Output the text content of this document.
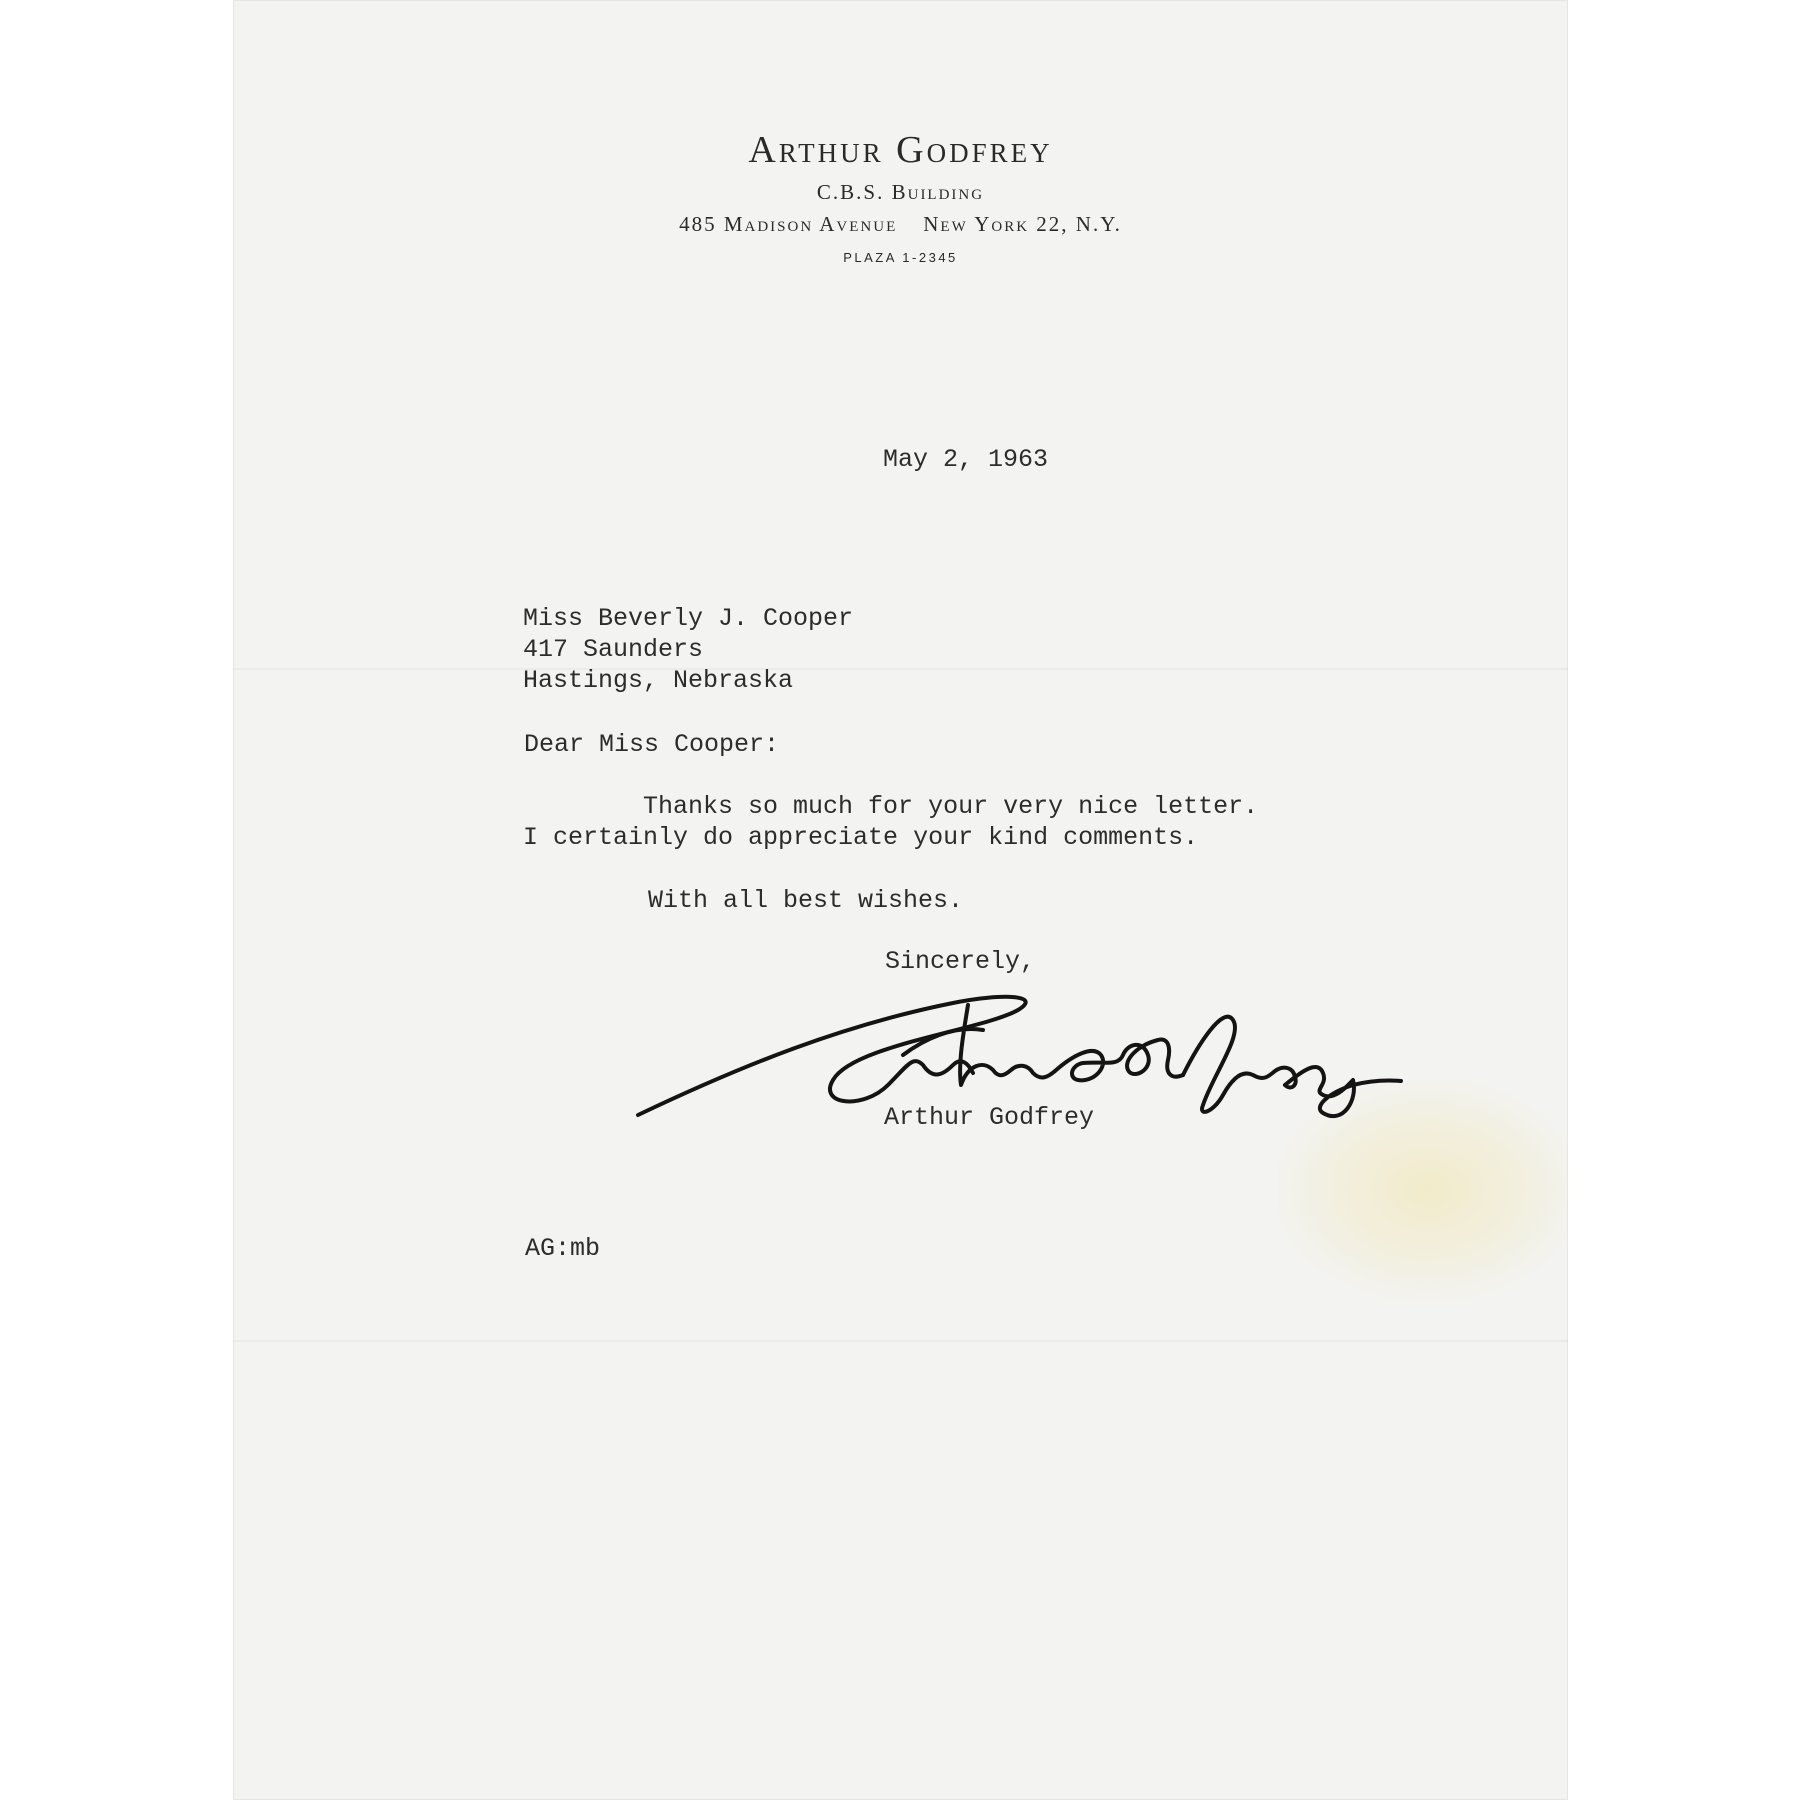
Arthur Godfrey
C.B.S. Building
485 Madison Avenue New York 22, N.Y.
PLAZA 1-2345
May 2, 1963
Miss Beverly J. Cooper
417 Saunders
Hastings, Nebraska
Dear Miss Cooper:
Thanks so much for your very nice letter.
I certainly do appreciate your kind comments.
With all best wishes.
Sincerely,
Arthur Godfrey
AG:mb
